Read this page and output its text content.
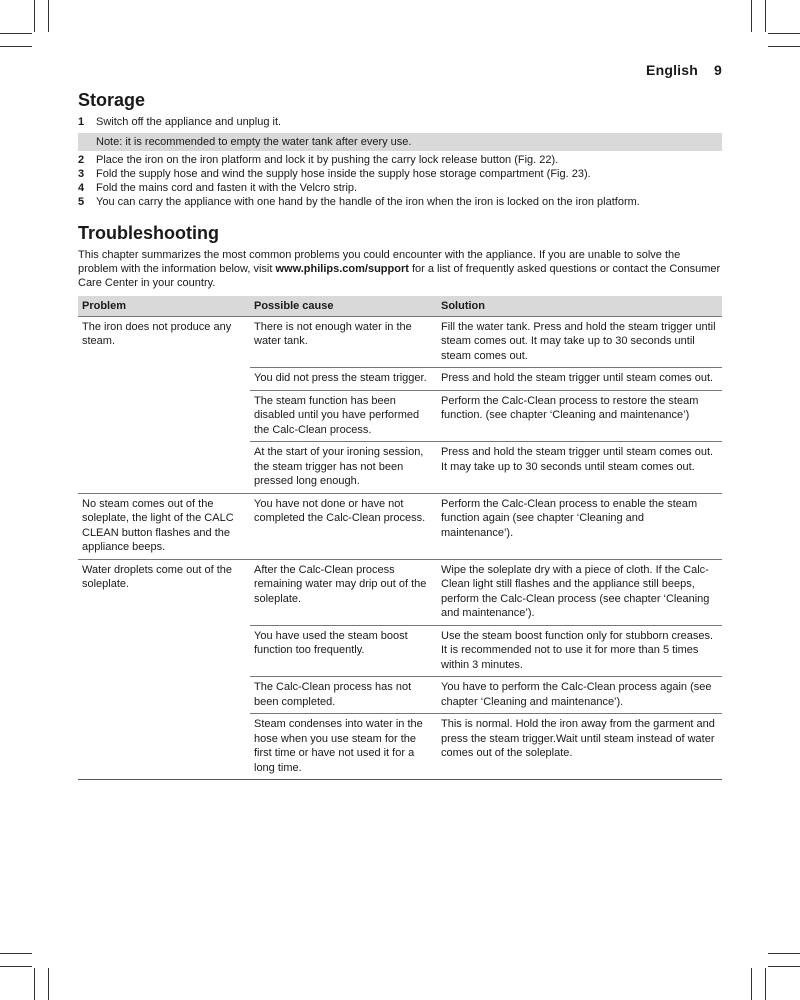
English 9
Storage
1	Switch off the appliance and unplug it.
Note: it is recommended to empty the water tank after every use.
2	Place the iron on the iron platform and lock it by pushing the carry lock release button (Fig. 22).
3	Fold the supply hose and wind the supply hose inside the supply hose storage compartment (Fig. 23).
4	Fold the mains cord and fasten it with the Velcro strip.
5	You can carry the appliance with one hand by the handle of the iron when the iron is locked on the iron platform.
Troubleshooting

This chapter summarizes the most common problems you could encounter with the appliance. If you are unable to solve the problem with the information below, visit www.philips.com/support for a list of frequently asked questions or contact the Consumer Care Center in your country.

Problem	Possible cause	Solution
The iron does not produce any steam.	There is not enough water in the water tank.	Fill the water tank. Press and hold the steam trigger until steam comes out. It may take up to 30 seconds until steam comes out.
	You did not press the steam trigger.	Press and hold the steam trigger until steam comes out.
	The steam function has been disabled until you have performed the Calc-Clean process.	Perform the Calc-Clean process to restore the steam function. (see chapter ‘Cleaning and maintenance’)
	At the start of your ironing session, the steam trigger has not been pressed long enough.	Press and hold the steam trigger until steam comes out. It may take up to 30 seconds until steam comes out.
No steam comes out of the soleplate, the light of the CALC CLEAN button flashes and the appliance beeps.	You have not done or have not completed the Calc-Clean process.	Perform the Calc-Clean process to enable the steam function again (see chapter ‘Cleaning and maintenance’).
Water droplets come out of the soleplate.	After the Calc-Clean process remaining water may drip out of the soleplate.	Wipe the soleplate dry with a piece of cloth. If the Calc-Clean light still flashes and the appliance still beeps, perform the Calc-Clean process (see chapter ‘Cleaning and maintenance’).
	You have used the steam boost function too frequently.	Use the steam boost function only for stubborn creases. It is recommended not to use it for more than 5 times within 3 minutes.
	The Calc-Clean process has not been completed.	You have to perform the Calc-Clean process again (see chapter ‘Cleaning and maintenance’).
	Steam condenses into water in the hose when you use steam for the first time or have not used it for a long time.	This is normal. Hold the iron away from the garment and press the steam trigger.Wait until steam instead of water comes out of the soleplate.
